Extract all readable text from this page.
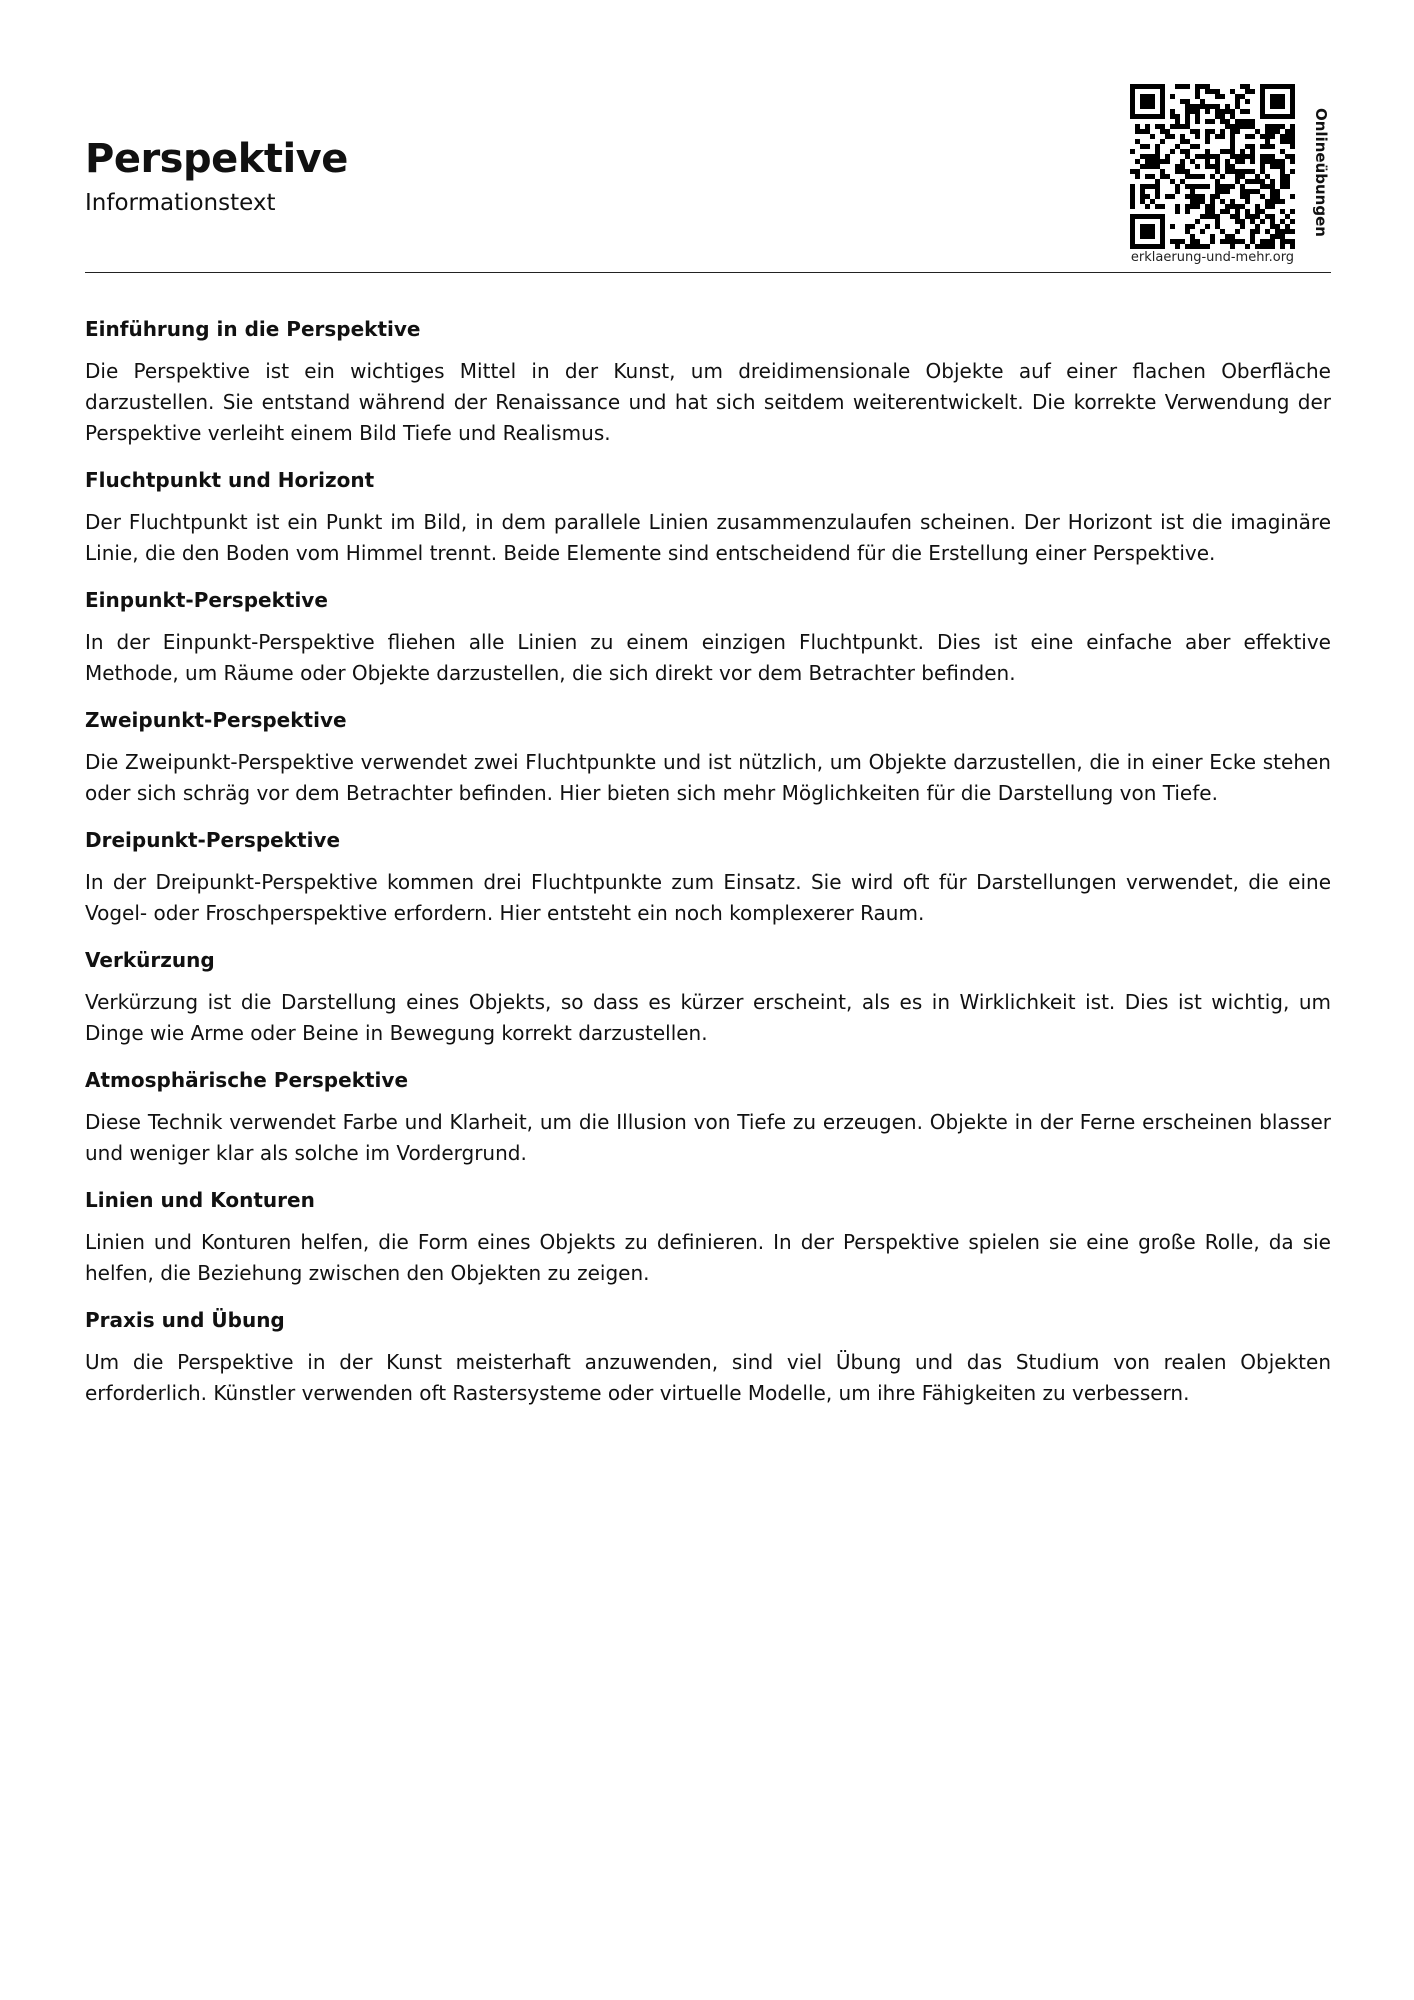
Perspektive

Informationstext

erklaerung-und-mehr.org
Onlineübungen
Einführung in die Perspektive

Die Perspektive ist ein wichtiges Mittel in der Kunst, um dreidimensionale Objekte auf einer flachen Oberfläche darzustellen. Sie entstand während der Renaissance und hat sich seitdem weiterentwickelt. Die korrekte Verwendung der Perspektive verleiht einem Bild Tiefe und Realismus.

Fluchtpunkt und Horizont

Der Fluchtpunkt ist ein Punkt im Bild, in dem parallele Linien zusammenzulaufen scheinen. Der Horizont ist die imaginäre Linie, die den Boden vom Himmel trennt. Beide Elemente sind entscheidend für die Erstellung einer Perspektive.

Einpunkt-Perspektive

In der Einpunkt-Perspektive fliehen alle Linien zu einem einzigen Fluchtpunkt. Dies ist eine einfache aber effektive Methode, um Räume oder Objekte darzustellen, die sich direkt vor dem Betrachter befinden.

Zweipunkt-Perspektive

Die Zweipunkt-Perspektive verwendet zwei Fluchtpunkte und ist nützlich, um Objekte darzustellen, die in einer Ecke stehen oder sich schräg vor dem Betrachter befinden. Hier bieten sich mehr Möglichkeiten für die Darstellung von Tiefe.

Dreipunkt-Perspektive

In der Dreipunkt-Perspektive kommen drei Fluchtpunkte zum Einsatz. Sie wird oft für Darstellungen verwendet, die eine Vogel- oder Froschperspektive erfordern. Hier entsteht ein noch komplexerer Raum.

Verkürzung

Verkürzung ist die Darstellung eines Objekts, so dass es kürzer erscheint, als es in Wirklichkeit ist. Dies ist wichtig, um Dinge wie Arme oder Beine in Bewegung korrekt darzustellen.

Atmosphärische Perspektive

Diese Technik verwendet Farbe und Klarheit, um die Illusion von Tiefe zu erzeugen. Objekte in der Ferne erscheinen blasser und weniger klar als solche im Vordergrund.

Linien und Konturen

Linien und Konturen helfen, die Form eines Objekts zu definieren. In der Perspektive spielen sie eine große Rolle, da sie helfen, die Beziehung zwischen den Objekten zu zeigen.

Praxis und Übung

Um die Perspektive in der Kunst meisterhaft anzuwenden, sind viel Übung und das Studium von realen Objekten erforderlich. Künstler verwenden oft Rastersysteme oder virtuelle Modelle, um ihre Fähigkeiten zu verbessern.
